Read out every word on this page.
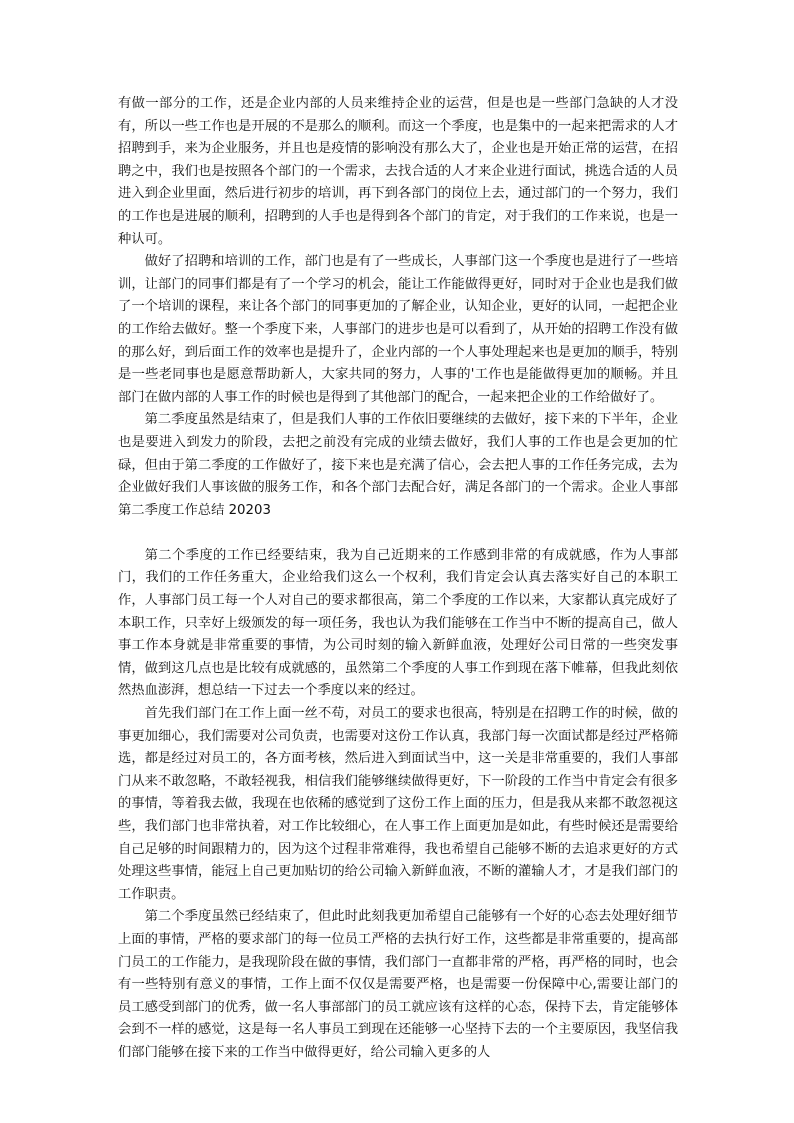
有做一部分的工作，还是企业内部的人员来维持企业的运营，但是也是一些部门急缺的人才没有，所以一些工作也是开展的不是那么的顺利。而这一个季度，也是集中的一起来把需求的人才招聘到手，来为企业服务，并且也是疫情的影响没有那么大了，企业也是开始正常的运营，在招聘之中，我们也是按照各个部门的一个需求，去找合适的人才来企业进行面试，挑选合适的人员进入到企业里面，然后进行初步的培训，再下到各部门的岗位上去，通过部门的一个努力，我们的工作也是进展的顺利，招聘到的人手也是得到各个部门的肯定，对于我们的工作来说，也是一种认可。

做好了招聘和培训的工作，部门也是有了一些成长，人事部门这一个季度也是进行了一些培训，让部门的同事们都是有了一个学习的机会，能让工作能做得更好，同时对于企业也是我们做了一个培训的课程，来让各个部门的同事更加的了解企业，认知企业，更好的认同，一起把企业的工作给去做好。整一个季度下来，人事部门的进步也是可以看到了，从开始的招聘工作没有做的那么好，到后面工作的效率也是提升了，企业内部的一个人事处理起来也是更加的顺手，特别是一些老同事也是愿意帮助新人，大家共同的努力，人事的'工作也是能做得更加的顺畅。并且部门在做内部的人事工作的时候也是得到了其他部门的配合，一起来把企业的工作给做好了。

第二季度虽然是结束了，但是我们人事的工作依旧要继续的去做好，接下来的下半年，企业也是要进入到发力的阶段，去把之前没有完成的业绩去做好，我们人事的工作也是会更加的忙碌，但由于第二季度的工作做好了，接下来也是充满了信心，会去把人事的工作任务完成，去为企业做好我们人事该做的服务工作，和各个部门去配合好，满足各部门的一个需求。企业人事部第二季度工作总结 20203

第二个季度的工作已经要结束，我为自己近期来的工作感到非常的有成就感，作为人事部门，我们的工作任务重大，企业给我们这么一个权利，我们肯定会认真去落实好自己的本职工作，人事部门员工每一个人对自己的要求都很高，第二个季度的工作以来，大家都认真完成好了本职工作，只幸好上级颁发的每一项任务，我也认为我们能够在工作当中不断的提高自己，做人事工作本身就是非常重要的事情，为公司时刻的输入新鲜血液，处理好公司日常的一些突发事情，做到这几点也是比较有成就感的，虽然第二个季度的人事工作到现在落下帷幕，但我此刻依然热血澎湃，想总结一下过去一个季度以来的经过。

首先我们部门在工作上面一丝不苟，对员工的要求也很高，特别是在招聘工作的时候，做的事更加细心，我们需要对公司负责，也需要对这份工作认真，我部门每一次面试都是经过严格筛选，都是经过对员工的，各方面考核，然后进入到面试当中，这一关是非常重要的，我们人事部门从来不敢忽略，不敢轻视我，相信我们能够继续做得更好，下一阶段的工作当中肯定会有很多的事情，等着我去做，我现在也依稀的感觉到了这份工作上面的压力，但是我从来都不敢忽视这些，我们部门也非常执着，对工作比较细心，在人事工作上面更加是如此，有些时候还是需要给自己足够的时间跟精力的，因为这个过程非常难得，我也希望自己能够不断的去追求更好的方式处理这些事情，能冠上自己更加贴切的给公司输入新鲜血液，不断的灌输人才，才是我们部门的工作职责。

第二个季度虽然已经结束了，但此时此刻我更加希望自己能够有一个好的心态去处理好细节上面的事情，严格的要求部门的每一位员工严格的去执行好工作，这些都是非常重要的，提高部门员工的工作能力，是我现阶段在做的事情，我们部门一直都非常的严格，再严格的同时，也会有一些特别有意义的事情，工作上面不仅仅是需要严格，也是需要一份保障中心,需要让部门的员工感受到部门的优秀，做一名人事部部门的员工就应该有这样的心态，保持下去，肯定能够体会到不一样的感觉，这是每一名人事员工到现在还能够一心坚持下去的一个主要原因，我坚信我们部门能够在接下来的工作当中做得更好，给公司输入更多的人
